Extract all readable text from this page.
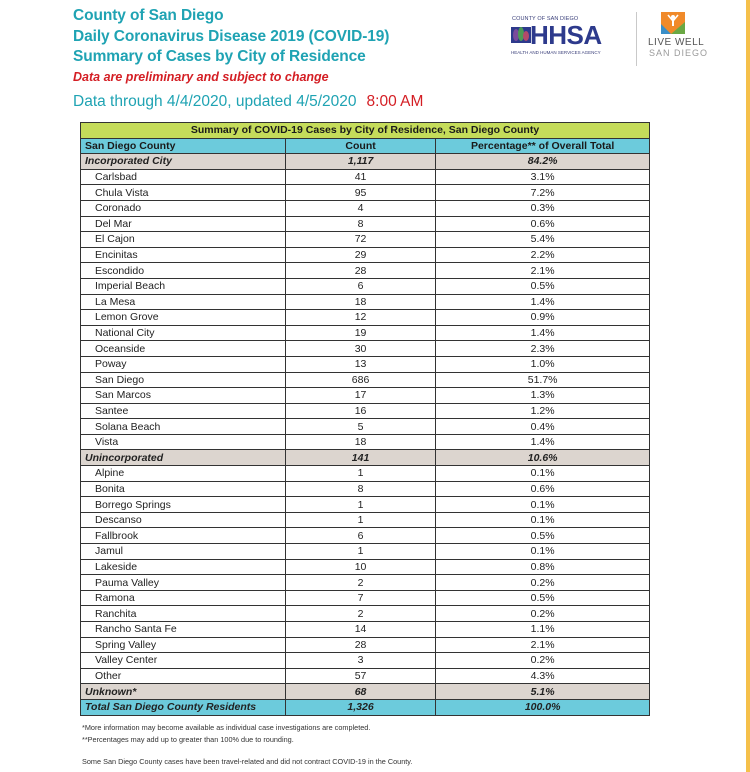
County of San Diego
Daily Coronavirus Disease 2019 (COVID-19)
Summary of Cases by City of Residence
Data are preliminary and subject to change
Data through 4/4/2020, updated 4/5/2020 8:00 AM
COUNTY OF SAN DIEGO
HHSA
HEALTH AND HUMAN SERVICES AGENCY
LIVE WELL
SAN DIEGO
Summary of COVID-19 Cases by City of Residence, San Diego County		
San Diego County	Count	Percentage** of Overall Total
Incorporated City	1,117	84.2%
Carlsbad	41	3.1%
Chula Vista	95	7.2%
Coronado	4	0.3%
Del Mar	8	0.6%
El Cajon	72	5.4%
Encinitas	29	2.2%
Escondido	28	2.1%
Imperial Beach	6	0.5%
La Mesa	18	1.4%
Lemon Grove	12	0.9%
National City	19	1.4%
Oceanside	30	2.3%
Poway	13	1.0%
San Diego	686	51.7%
San Marcos	17	1.3%
Santee	16	1.2%
Solana Beach	5	0.4%
Vista	18	1.4%
Unincorporated	141	10.6%
Alpine	1	0.1%
Bonita	8	0.6%
Borrego Springs	1	0.1%
Descanso	1	0.1%
Fallbrook	6	0.5%
Jamul	1	0.1%
Lakeside	10	0.8%
Pauma Valley	2	0.2%
Ramona	7	0.5%
Ranchita	2	0.2%
Rancho Santa Fe	14	1.1%
Spring Valley	28	2.1%
Valley Center	3	0.2%
Other	57	4.3%
Unknown*	68	5.1%
Total San Diego County Residents	1,326	100.0%
*More information may become available as individual case investigations are completed.
**Percentages may add up to greater than 100% due to rounding.
Some San Diego County cases have been travel-related and did not contract COVID-19 in the County.
